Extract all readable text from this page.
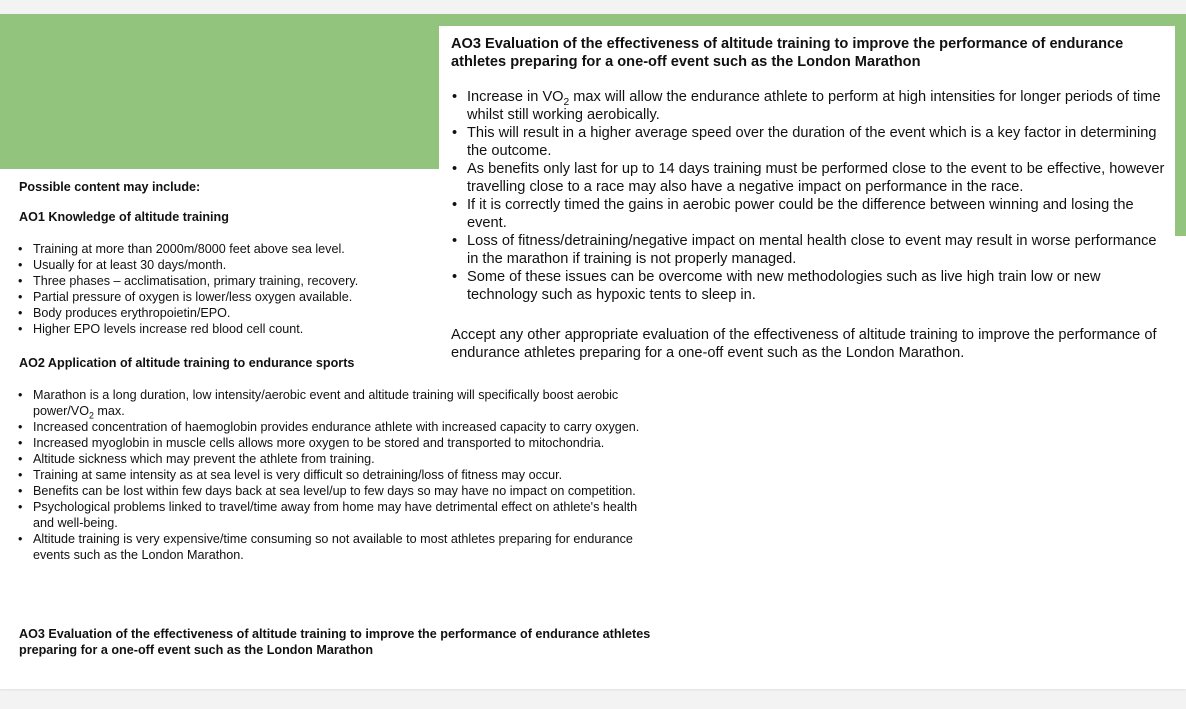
Possible content may include:

AO1 Knowledge of altitude training

• Training at more than 2000m/8000 feet above sea level.
• Usually for at least 30 days/month.
• Three phases – acclimatisation, primary training, recovery.
• Partial pressure of oxygen is lower/less oxygen available.
• Body produces erythropoietin/EPO.
• Higher EPO levels increase red blood cell count.

AO2 Application of altitude training to endurance sports

• Marathon is a long duration, low intensity/aerobic event and altitude training will specifically boost aerobic power/$VO_2$ max.
• Increased concentration of haemoglobin provides endurance athlete with increased capacity to carry oxygen.
• Increased myoglobin in muscle cells allows more oxygen to be stored and transported to mitochondria.
• Altitude sickness which may prevent the athlete from training.
• Training at same intensity as at sea level is very difficult so detraining/loss of fitness may occur.
• Benefits can be lost within few days back at sea level/up to few days so may have no impact on competition.
• Psychological problems linked to travel/time away from home may have detrimental effect on athlete's health and well-being.
• Altitude training is very expensive/time consuming so not available to most athletes preparing for endurance events such as the London Marathon.

AO3 Evaluation of the effectiveness of altitude training to improve the performance of endurance athletes preparing for a one-off event such as the London Marathon

AO3 Evaluation of the effectiveness of altitude training to improve the performance of endurance athletes preparing for a one-off event such as the London Marathon

• Increase in $VO_2$ max will allow the endurance athlete to perform at high intensities for longer periods of time whilst still working aerobically.
• This will result in a higher average speed over the duration of the event which is a key factor in determining the outcome.
• As benefits only last for up to 14 days training must be performed close to the event to be effective, however travelling close to a race may also have a negative impact on performance in the race.
• If it is correctly timed the gains in aerobic power could be the difference between winning and losing the event.
• Loss of fitness/detraining/negative impact on mental health close to event may result in worse performance in the marathon if training is not properly managed.
• Some of these issues can be overcome with new methodologies such as live high train low or new technology such as hypoxic tents to sleep in.

Accept any other appropriate evaluation of the effectiveness of altitude training to improve the performance of endurance athletes preparing for a one-off event such as the London Marathon.
